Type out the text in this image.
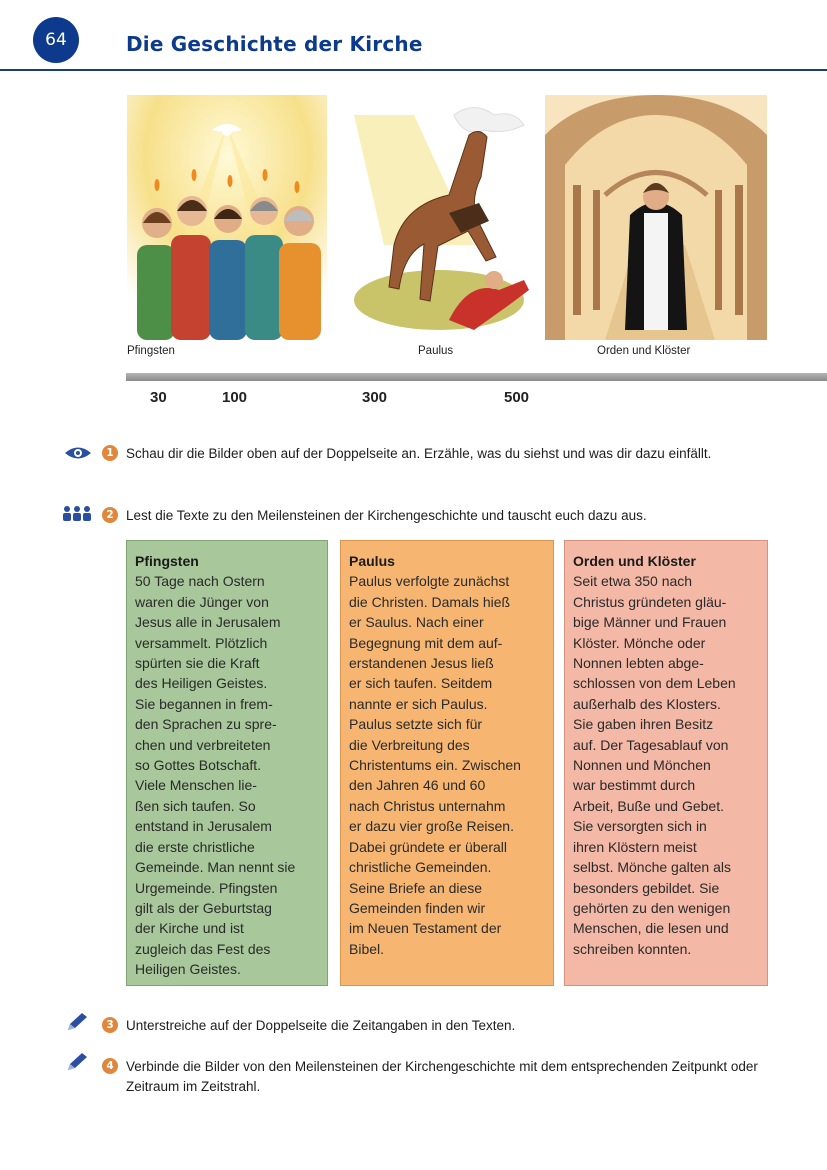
64	Die Geschichte der Kirche
Pfingsten	Paulus	Orden und Klöster
30	100	300	500
1 Schau dir die Bilder oben auf der Doppelseite an. Erzähle, was du siehst und was dir dazu einfällt.
2 Lest die Texte zu den Meilensteinen der Kirchengeschichte und tauscht euch dazu aus.
Pfingsten

50 Tage nach Ostern
waren die Jünger von
Jesus alle in Jerusalem
versammelt. Plötzlich
spürten sie die Kraft
des Heiligen Geistes.
Sie begannen in frem-
den Sprachen zu spre-
chen und verbreiteten
so Gottes Botschaft.
Viele Menschen lie-
ßen sich taufen. So
entstand in Jerusalem
die erste christliche
Gemeinde. Man nennt sie
Urgemeinde. Pfingsten
gilt als der Geburtstag
der Kirche und ist
zugleich das Fest des
Heiligen Geistes.

Paulus

Paulus verfolgte zunächst
die Christen. Damals hieß
er Saulus. Nach einer
Begegnung mit dem auf-
erstandenen Jesus ließ
er sich taufen. Seitdem
nannte er sich Paulus.
Paulus setzte sich für
die Verbreitung des
Christentums ein. Zwischen
den Jahren 46 und 60
nach Christus unternahm
er dazu vier große Reisen.
Dabei gründete er überall
christliche Gemeinden.
Seine Briefe an diese
Gemeinden finden wir
im Neuen Testament der
Bibel.

Orden und Klöster

Seit etwa 350 nach
Christus gründeten gläu-
bige Männer und Frauen
Klöster. Mönche oder
Nonnen lebten abge-
schlossen von dem Leben
außerhalb des Klosters.
Sie gaben ihren Besitz
auf. Der Tagesablauf von
Nonnen und Mönchen
war bestimmt durch
Arbeit, Buße und Gebet.
Sie versorgten sich in
ihren Klöstern meist
selbst. Mönche galten als
besonders gebildet. Sie
gehörten zu den wenigen
Menschen, die lesen und
schreiben konnten.

3 Unterstreiche auf der Doppelseite die Zeitangaben in den Texten.
4 Verbinde die Bilder von den Meilensteinen der Kirchengeschichte mit dem entsprechenden Zeitpunkt oder Zeitraum im Zeitstrahl.
